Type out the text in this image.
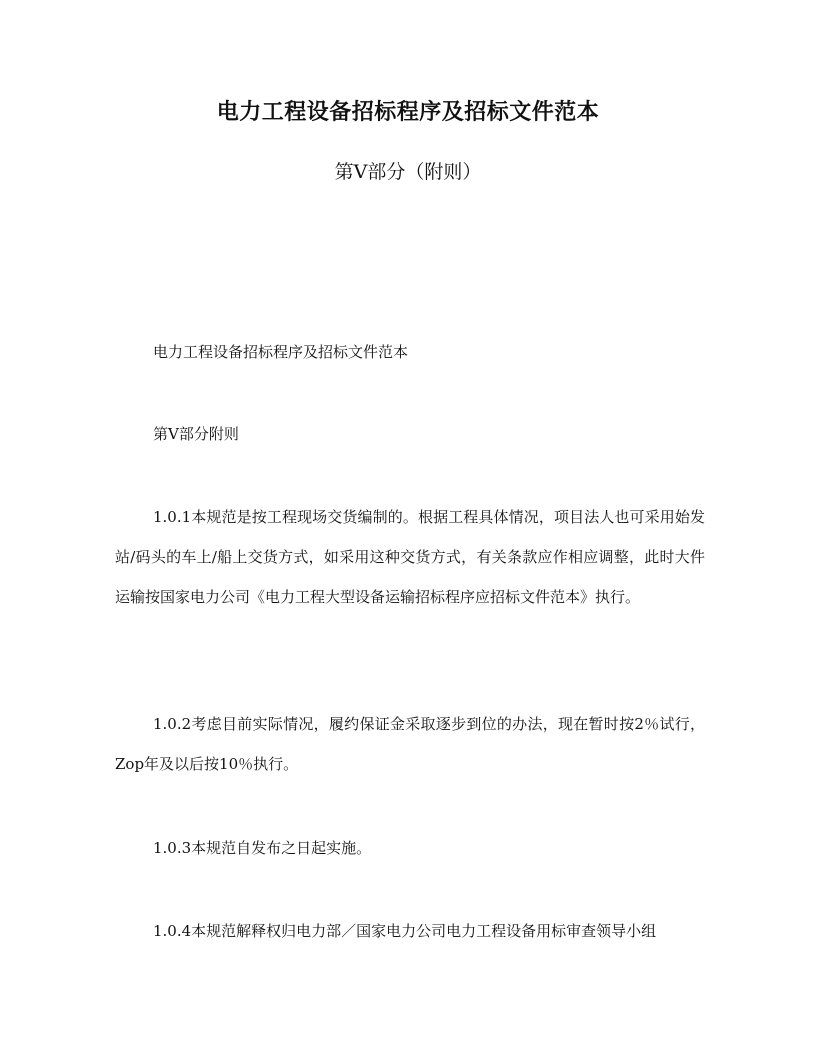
电力工程设备招标程序及招标文件范本
第Ⅴ部分（附则）

电力工程设备招标程序及招标文件范本

第Ⅴ部分附则

1.0.1本规范是按工程现场交货编制的。根据工程具体情况，项目法人也可采用始发站/码头的车上/船上交货方式，如采用这种交货方式，有关条款应作相应调整，此时大件运输按国家电力公司《电力工程大型设备运输招标程序应招标文件范本》执行。

1.0.2考虑目前实际情况，履约保证金采取逐步到位的办法，现在暂时按2％试行，Zop年及以后按10％执行。

1.0.3本规范自发布之日起实施。

1.0.4本规范解释权归电力部／国家电力公司电力工程设备用标审查领导小组
